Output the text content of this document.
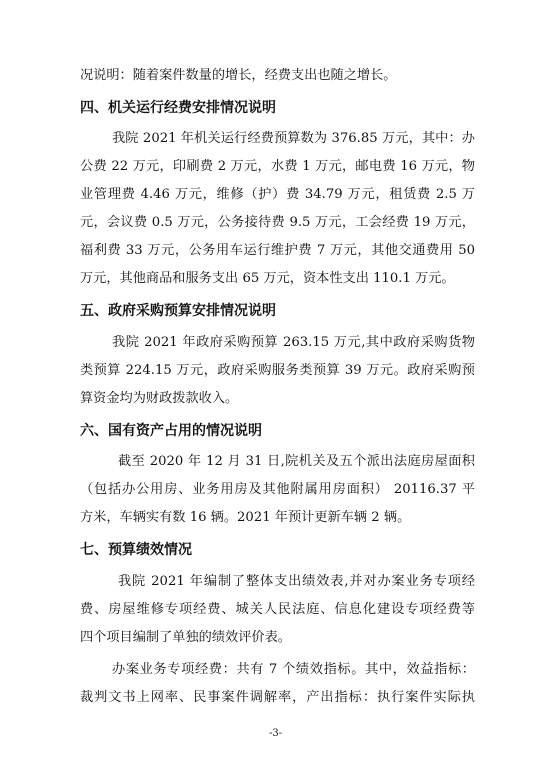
况说明：随着案件数量的增长，经费支出也随之增长。
四、机关运行经费安排情况说明
我院 2021 年机关运行经费预算数为 376.85 万元，其中：办
公费 22 万元，印刷费 2 万元，水费 1 万元，邮电费 16 万元，物
业管理费 4.46 万元，维修（护）费 34.79 万元，租赁费 2.5 万
元，会议费 0.5 万元，公务接待费 9.5 万元，工会经费 19 万元，
福利费 33 万元，公务用车运行维护费 7 万元，其他交通费用 50
万元，其他商品和服务支出 65 万元，资本性支出 110.1 万元。
五、政府采购预算安排情况说明
我院 2021 年政府采购预算 263.15 万元,其中政府采购货物
类预算 224.15 万元，政府采购服务类预算 39 万元。政府采购预
算资金均为财政拨款收入。
六、国有资产占用的情况说明
截至 2020 年 12 月 31 日,院机关及五个派出法庭房屋面积
（包括办公用房、业务用房及其他附属用房面积） 20116.37 平
方米，车辆实有数 16 辆。2021 年预计更新车辆 2 辆。
七、预算绩效情况
我院 2021 年编制了整体支出绩效表,并对办案业务专项经
费、房屋维修专项经费、城关人民法庭、信息化建设专项经费等
四个项目编制了单独的绩效评价表。
办案业务专项经费：共有 7 个绩效指标。其中，效益指标：
裁判文书上网率、民事案件调解率，产出指标：执行案件实际执
-3-
